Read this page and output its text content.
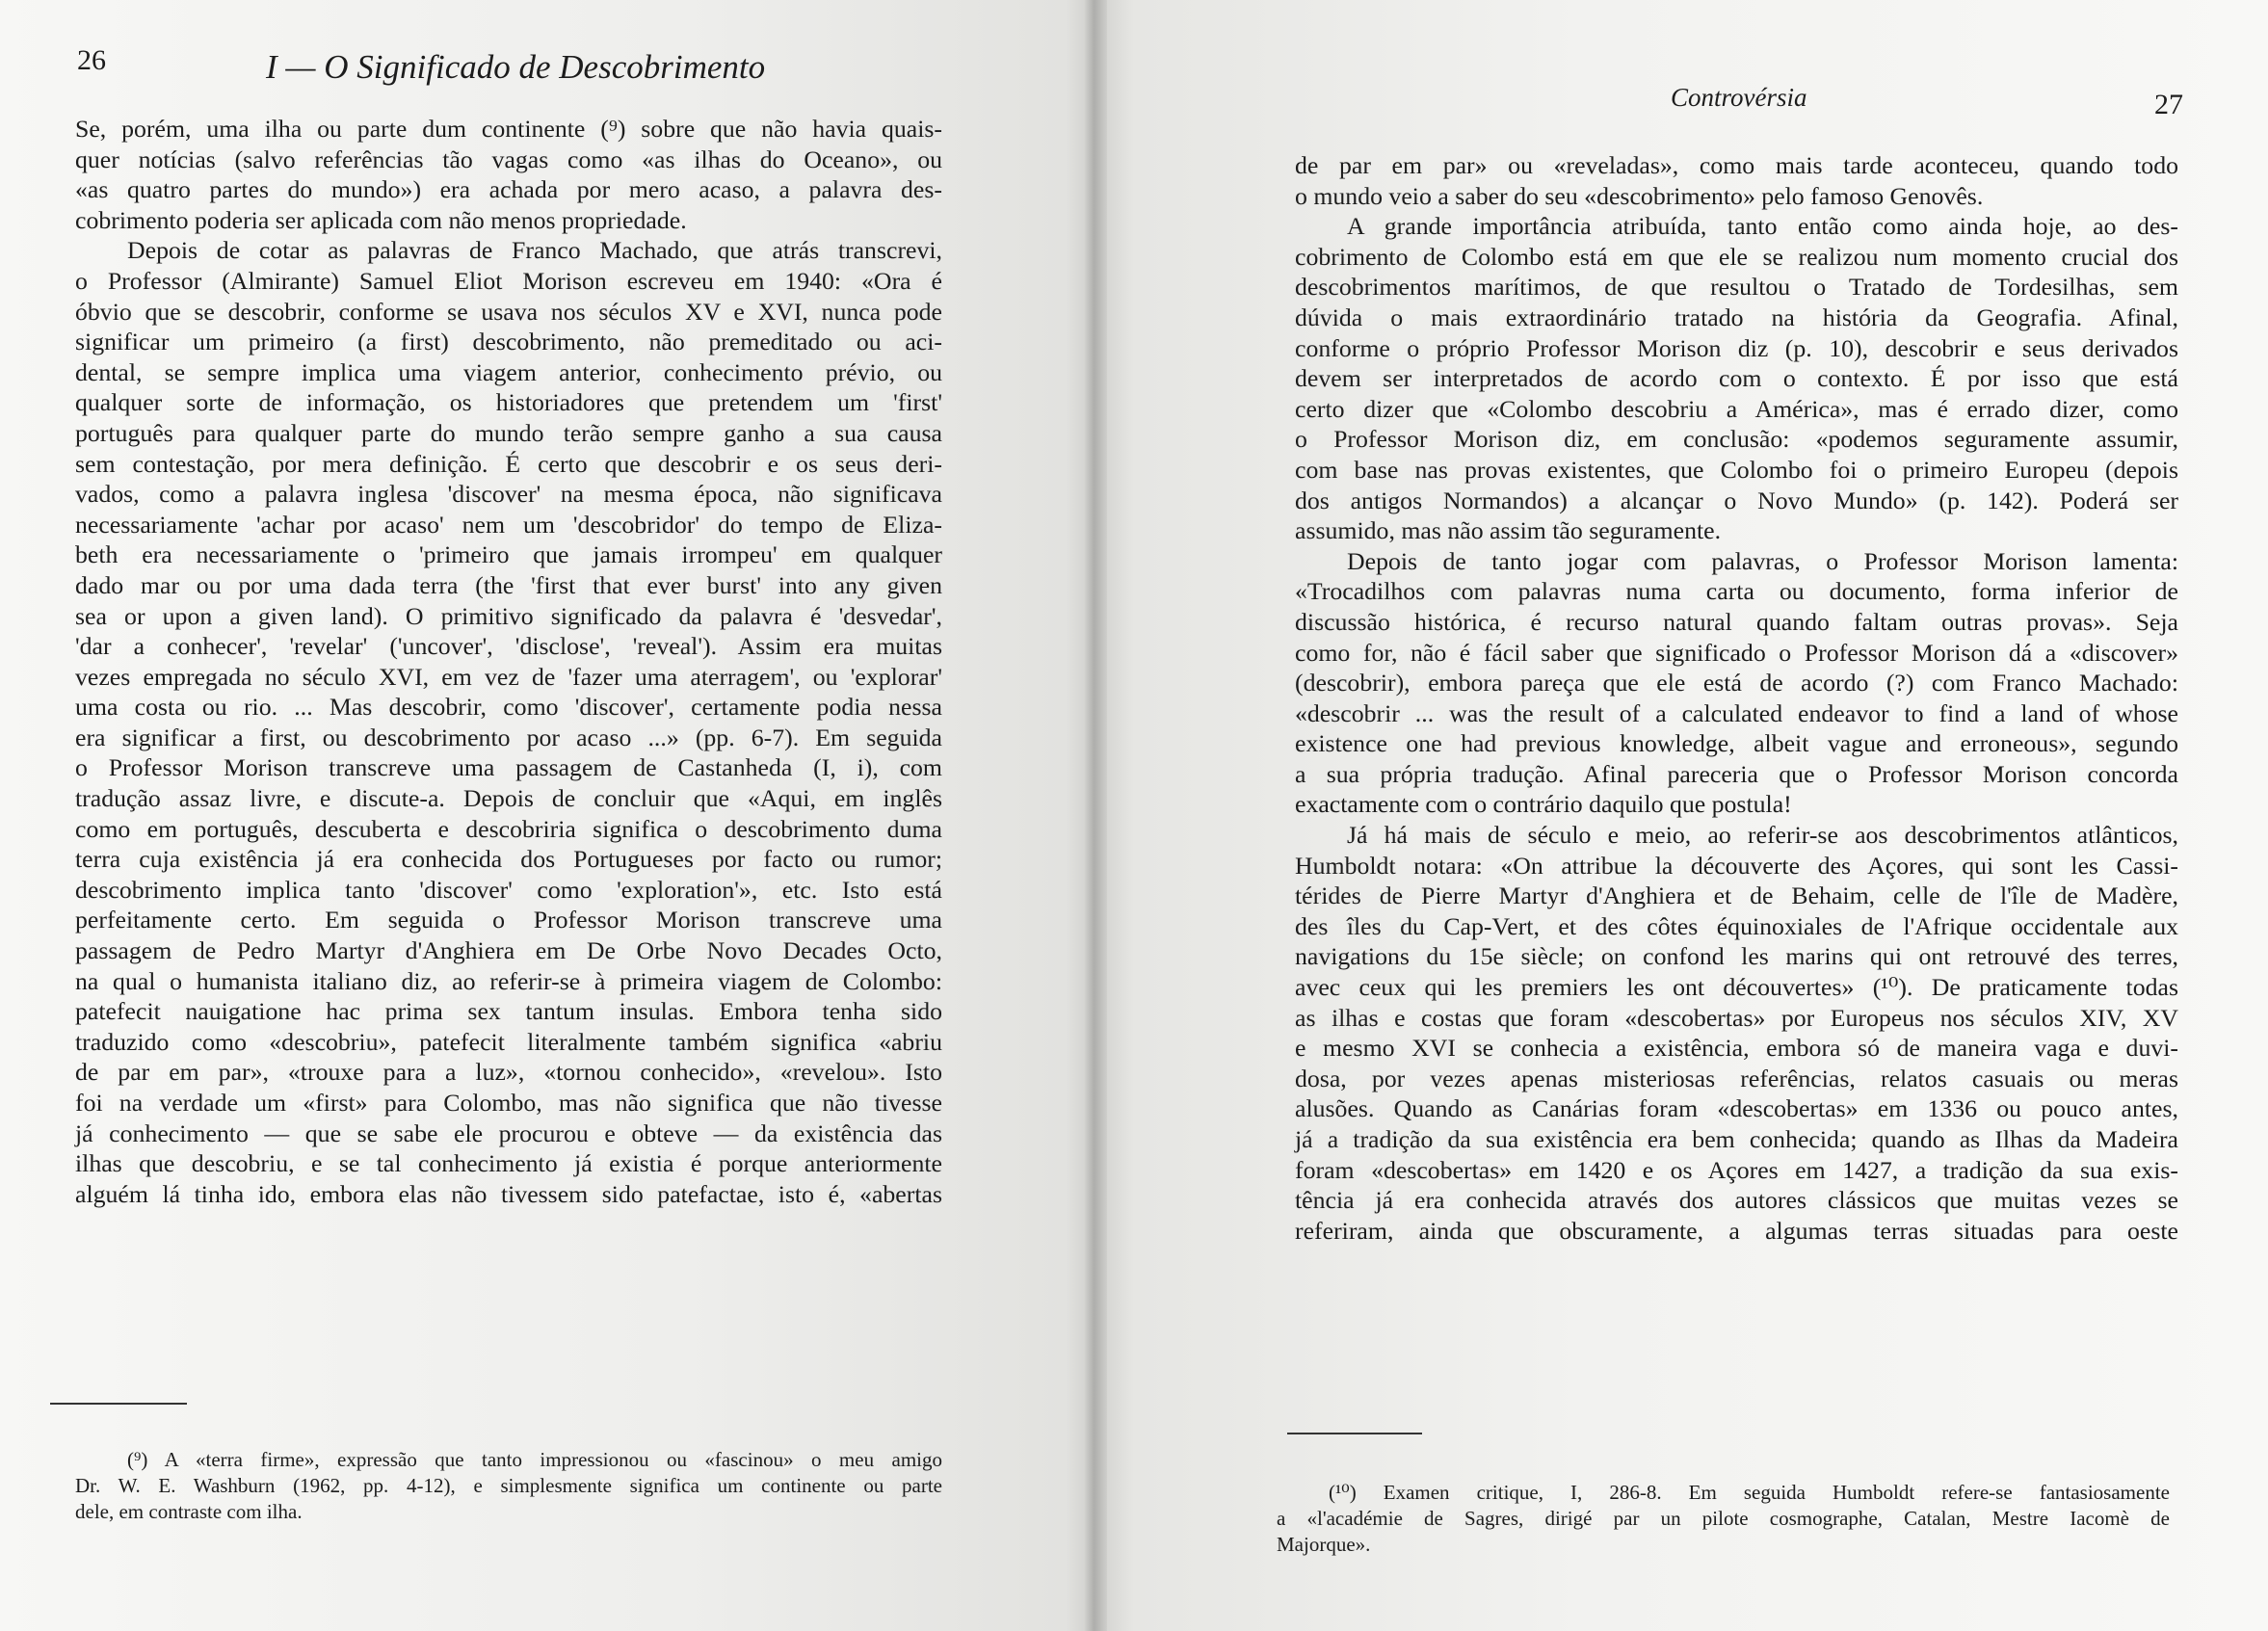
26	I — O Significado de Descobrimento
Se, porém, uma ilha ou parte dum continente (⁹) sobre que não havia quais-
quer notícias (salvo referências tão vagas como «as ilhas do Oceano», ou
«as quatro partes do mundo») era achada por mero acaso, a palavra des-
cobrimento poderia ser aplicada com não menos propriedade.
Depois de cotar as palavras de Franco Machado, que atrás transcrevi,
o Professor (Almirante) Samuel Eliot Morison escreveu em 1940: «Ora é
óbvio que se descobrir, conforme se usava nos séculos XV e XVI, nunca pode
significar um primeiro (a first) descobrimento, não premeditado ou aci-
dental, se sempre implica uma viagem anterior, conhecimento prévio, ou
qualquer sorte de informação, os historiadores que pretendem um 'first'
português para qualquer parte do mundo terão sempre ganho a sua causa
sem contestação, por mera definição. É certo que descobrir e os seus deri-
vados, como a palavra inglesa 'discover' na mesma época, não significava
necessariamente 'achar por acaso' nem um 'descobridor' do tempo de Eliza-
beth era necessariamente o 'primeiro que jamais irrompeu' em qualquer
dado mar ou por uma dada terra (the 'first that ever burst' into any given
sea or upon a given land). O primitivo significado da palavra é 'desvedar',
'dar a conhecer', 'revelar' ('uncover', 'disclose', 'reveal'). Assim era muitas
vezes empregada no século XVI, em vez de 'fazer uma aterragem', ou 'explorar'
uma costa ou rio. ... Mas descobrir, como 'discover', certamente podia nessa
era significar a first, ou descobrimento por acaso ...» (pp. 6-7). Em seguida
o Professor Morison transcreve uma passagem de Castanheda (I, i), com
tradução assaz livre, e discute-a. Depois de concluir que «Aqui, em inglês
como em português, descuberta e descobriria significa o descobrimento duma
terra cuja existência já era conhecida dos Portugueses por facto ou rumor;
descobrimento implica tanto 'discover' como 'exploration'», etc. Isto está
perfeitamente certo. Em seguida o Professor Morison transcreve uma
passagem de Pedro Martyr d'Anghiera em De Orbe Novo Decades Octo,
na qual o humanista italiano diz, ao referir-se à primeira viagem de Colombo:
patefecit nauigatione hac prima sex tantum insulas. Embora tenha sido
traduzido como «descobriu», patefecit literalmente também significa «abriu
de par em par», «trouxe para a luz», «tornou conhecido», «revelou». Isto
foi na verdade um «first» para Colombo, mas não significa que não tivesse
já conhecimento — que se sabe ele procurou e obteve — da existência das
ilhas que descobriu, e se tal conhecimento já existia é porque anteriormente
alguém lá tinha ido, embora elas não tivessem sido patefactae, isto é, «abertas
(⁹) A «terra firme», expressão que tanto impressionou ou «fascinou» o meu amigo
Dr. W. E. Washburn (1962, pp. 4-12), e simplesmente significa um continente ou parte
dele, em contraste com ilha.
Controvérsia	27
de par em par» ou «reveladas», como mais tarde aconteceu, quando todo
o mundo veio a saber do seu «descobrimento» pelo famoso Genovês.
A grande importância atribuída, tanto então como ainda hoje, ao des-
cobrimento de Colombo está em que ele se realizou num momento crucial dos
descobrimentos marítimos, de que resultou o Tratado de Tordesilhas, sem
dúvida o mais extraordinário tratado na história da Geografia. Afinal,
conforme o próprio Professor Morison diz (p. 10), descobrir e seus derivados
devem ser interpretados de acordo com o contexto. É por isso que está
certo dizer que «Colombo descobriu a América», mas é errado dizer, como
o Professor Morison diz, em conclusão: «podemos seguramente assumir,
com base nas provas existentes, que Colombo foi o primeiro Europeu (depois
dos antigos Normandos) a alcançar o Novo Mundo» (p. 142). Poderá ser
assumido, mas não assim tão seguramente.
Depois de tanto jogar com palavras, o Professor Morison lamenta:
«Trocadilhos com palavras numa carta ou documento, forma inferior de
discussão histórica, é recurso natural quando faltam outras provas». Seja
como for, não é fácil saber que significado o Professor Morison dá a «discover»
(descobrir), embora pareça que ele está de acordo (?) com Franco Machado:
«descobrir ... was the result of a calculated endeavor to find a land of whose
existence one had previous knowledge, albeit vague and erroneous», segundo
a sua própria tradução. Afinal pareceria que o Professor Morison concorda
exactamente com o contrário daquilo que postula!
Já há mais de século e meio, ao referir-se aos descobrimentos atlânticos,
Humboldt notara: «On attribue la découverte des Açores, qui sont les Cassi-
térides de Pierre Martyr d'Anghiera et de Behaim, celle de l'île de Madère,
des îles du Cap-Vert, et des côtes équinoxiales de l'Afrique occidentale aux
navigations du 15e siècle; on confond les marins qui ont retrouvé des terres,
avec ceux qui les premiers les ont découvertes» (¹⁰). De praticamente todas
as ilhas e costas que foram «descobertas» por Europeus nos séculos XIV, XV
e mesmo XVI se conhecia a existência, embora só de maneira vaga e duvi-
dosa, por vezes apenas misteriosas referências, relatos casuais ou meras
alusões. Quando as Canárias foram «descobertas» em 1336 ou pouco antes,
já a tradição da sua existência era bem conhecida; quando as Ilhas da Madeira
foram «descobertas» em 1420 e os Açores em 1427, a tradição da sua exis-
tência já era conhecida através dos autores clássicos que muitas vezes se
referiram, ainda que obscuramente, a algumas terras situadas para oeste
(¹⁰) Examen critique, I, 286-8. Em seguida Humboldt refere-se fantasiosamente
a «l'académie de Sagres, dirigé par un pilote cosmographe, Catalan, Mestre Iacomè de
Majorque».
